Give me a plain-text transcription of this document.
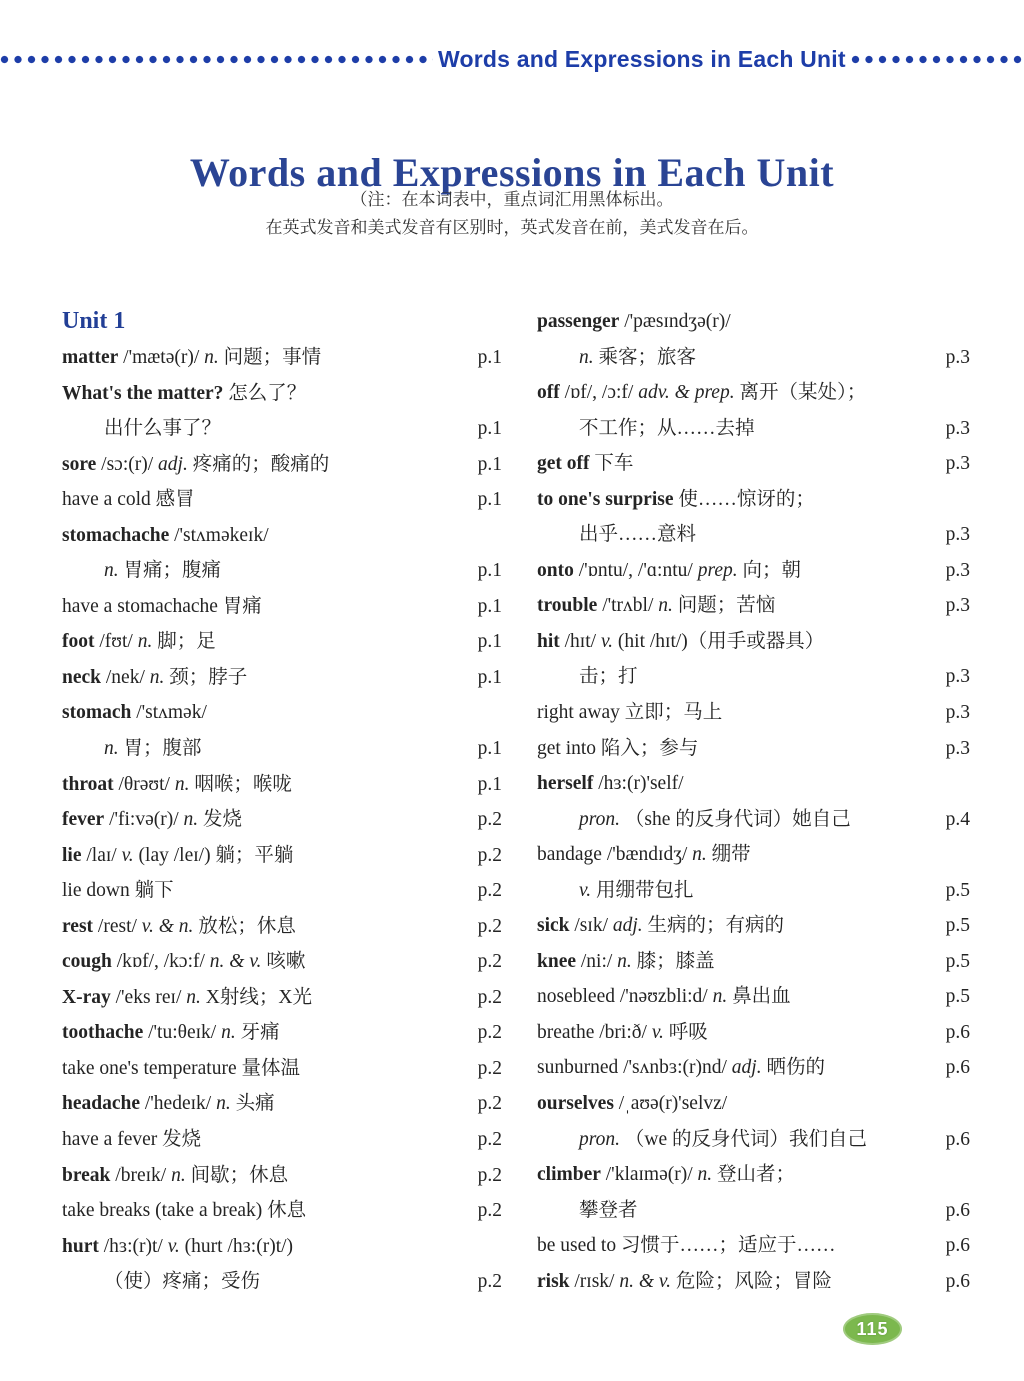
Words and Expressions in Each Unit
Words and Expressions in Each Unit
（注：在本词表中，重点词汇用黑体标出。
在英式发音和美式发音有区别时，英式发音在前，美式发音在后。
Unit 1
matter /'mætə(r)/ n. 问题；事情	p.1
What's the matter? 怎么了？
出什么事了？	p.1
sore /sɔ:(r)/ adj. 疼痛的；酸痛的	p.1
have a cold 感冒	p.1
stomachache /'stʌməkeɪk/
n. 胃痛；腹痛	p.1
have a stomachache 胃痛	p.1
foot /fʊt/ n. 脚；足	p.1
neck /nek/ n. 颈；脖子	p.1
stomach /'stʌmək/
n. 胃；腹部	p.1
throat /θrəʊt/ n. 咽喉；喉咙	p.1
fever /'fi:və(r)/ n. 发烧	p.2
lie /laɪ/ v. (lay /leɪ/) 躺；平躺	p.2
lie down 躺下	p.2
rest /rest/ v. & n. 放松；休息	p.2
cough /kɒf/, /kɔ:f/ n. & v. 咳嗽	p.2
X-ray /'eks reɪ/ n. X射线；X光	p.2
toothache /'tu:θeɪk/ n. 牙痛	p.2
take one's temperature 量体温	p.2
headache /'hedeɪk/ n. 头痛	p.2
have a fever 发烧	p.2
break /breɪk/ n. 间歇；休息	p.2
take breaks (take a break) 休息	p.2
hurt /hɜ:(r)t/ v. (hurt /hɜ:(r)t/)
（使）疼痛；受伤	p.2
passenger /'pæsɪndʒə(r)/
n. 乘客；旅客	p.3
off /ɒf/, /ɔ:f/ adv. & prep. 离开（某处）；
不工作；从……去掉	p.3
get off 下车	p.3
to one's surprise 使……惊讶的；
出乎……意料	p.3
onto /'ɒntu/, /'ɑ:ntu/ prep. 向；朝	p.3
trouble /'trʌbl/ n. 问题；苦恼	p.3
hit /hɪt/ v. (hit /hɪt/)（用手或器具）
击；打	p.3
right away 立即；马上	p.3
get into 陷入；参与	p.3
herself /hɜ:(r)'self/
pron. （she 的反身代词）她自己	p.4
bandage /'bændɪdʒ/ n. 绷带
v. 用绷带包扎	p.5
sick /sɪk/ adj. 生病的；有病的	p.5
knee /ni:/ n. 膝；膝盖	p.5
nosebleed /'nəʊzbli:d/ n. 鼻出血	p.5
breathe /bri:ð/ v. 呼吸	p.6
sunburned /'sʌnbɜ:(r)nd/ adj. 晒伤的	p.6
ourselves /ˌaʊə(r)'selvz/
pron. （we 的反身代词）我们自己	p.6
climber /'klaɪmə(r)/ n. 登山者；
攀登者	p.6
be used to 习惯于……；适应于……	p.6
risk /rɪsk/ n. & v. 危险；风险；冒险	p.6
115
